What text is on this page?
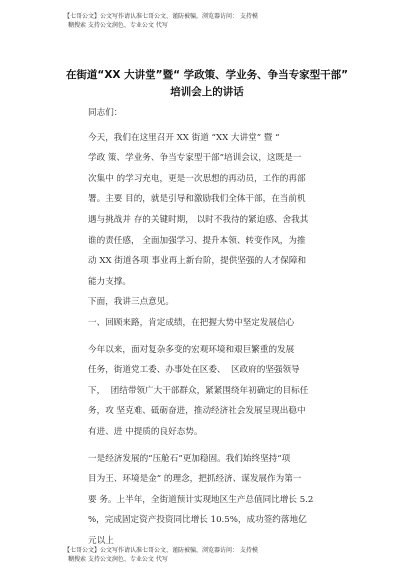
【七哥公文】公文写作请认准七哥公文、谨防被骗，浏览器访问： 支持模
糊搜索 支持公文润色、专业公文 代写
在街道“XX 大讲堂”暨“ 学政策、学业务、争当专家型干部”
培训会上的讲话

同志们：

今天，我们在这里召开 XX 街道 “XX 大讲堂” 暨 “

学政 策、学业务、争当专家型干部”培训会议，这既是一

次集中 的学习充电，更是一次思想的再动员，工作的再部

署。主要 目的，就是引导和激励我们全体干部，在当前机

遇与挑战并 存的关键时期， 以时不我待的紧迫感、舍我其

谁的责任感， 全面加强学习、提升本领、转变作风，为推

动 XX 街道各项 事业再上新台阶，提供坚强的人才保障和

能力支撑。

下面，我讲三点意见。

一、回顾来路，肯定成绩，在把握大势中坚定发展信心

今年以来，面对复杂多变的宏观环境和艰巨繁重的发展

任务，街道党工委、办事处在区委、  区政府的坚强领导

下，  团结带领广大干部群众，紧紧围绕年初确定的目标任

务，攻 坚克难、砥砺奋进，推动经济社会发展呈现出稳中

有进、进 中提质的良好态势。

一是经济发展的“压舱石”更加稳固。我们始终坚持“项

目为王、环境是金” 的理念，把抓经济、谋发展作为第一

要 务。上半年，全街道预计实现地区生产总值同比增长 5.2

%，完成固定资产投资同比增长 10.5%，成功签约落地亿

元以上

【七哥公文】公文写作请认准七哥公文、谨防被骗，浏览器访问： 支持模
糊搜索 支持公文润色、专业公文 代写
